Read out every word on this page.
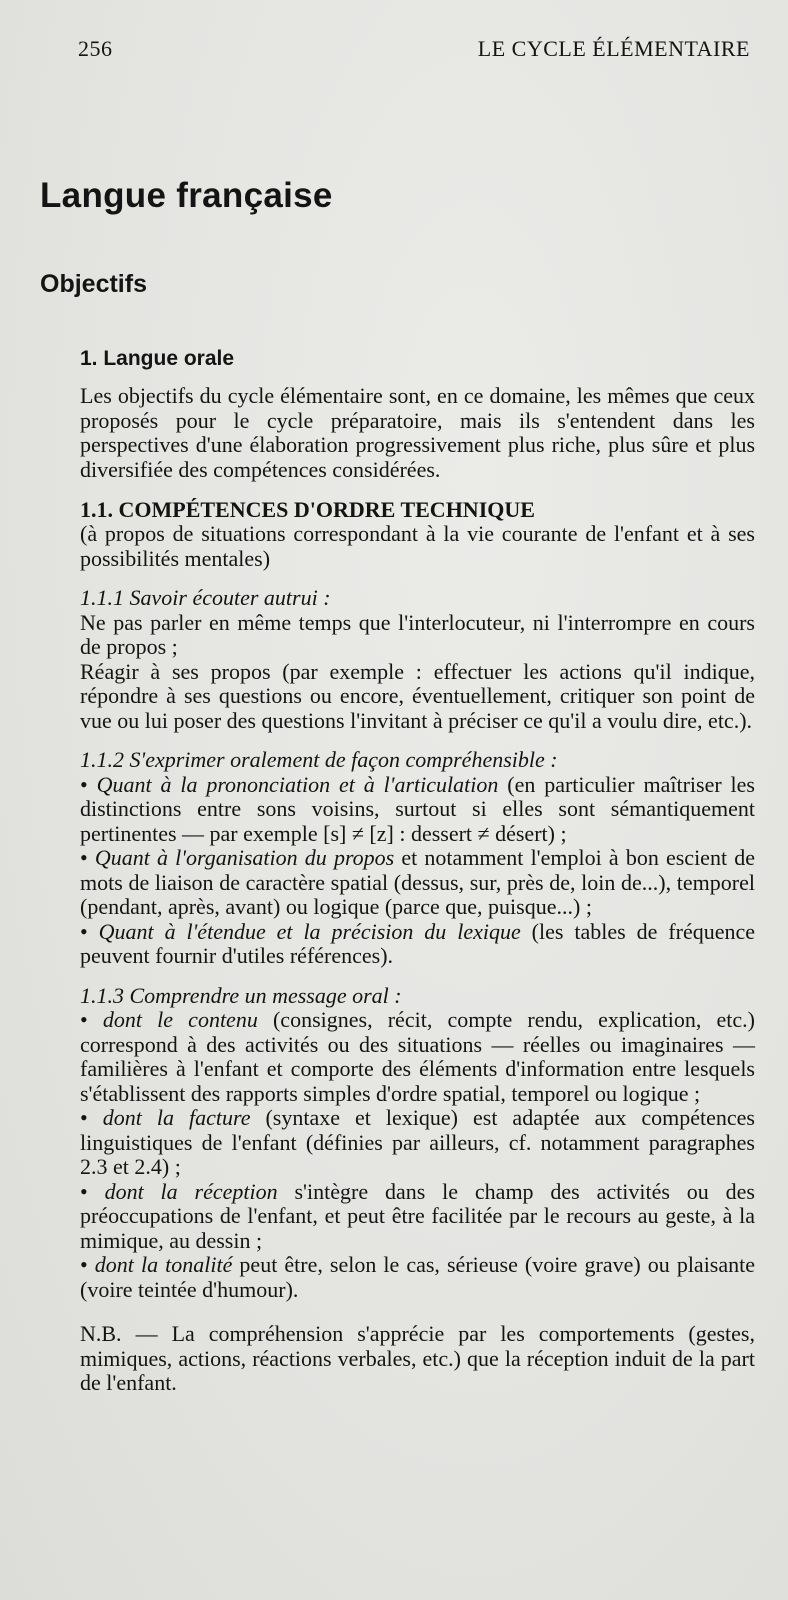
256	LE CYCLE ÉLÉMENTAIRE
Langue française
Objectifs
1. Langue orale

Les objectifs du cycle élémentaire sont, en ce domaine, les mêmes que ceux proposés pour le cycle préparatoire, mais ils s'entendent dans les perspectives d'une élaboration progressivement plus riche, plus sûre et plus diversifiée des compétences considérées.

1.1. COMPÉTENCES D'ORDRE TECHNIQUE

(à propos de situations correspondant à la vie courante de l'enfant et à ses possibilités mentales)

1.1.1 Savoir écouter autrui :

Ne pas parler en même temps que l'interlocuteur, ni l'interrompre en cours de propos ;

Réagir à ses propos (par exemple : effectuer les actions qu'il indique, répondre à ses questions ou encore, éventuellement, critiquer son point de vue ou lui poser des questions l'invitant à préciser ce qu'il a voulu dire, etc.).

1.1.2 S'exprimer oralement de façon compréhensible :

• Quant à la prononciation et à l'articulation (en particulier maîtriser les distinctions entre sons voisins, surtout si elles sont sémantiquement pertinentes — par exemple [s] ≠ [z] : dessert ≠ désert) ;

• Quant à l'organisation du propos et notamment l'emploi à bon escient de mots de liaison de caractère spatial (dessus, sur, près de, loin de...), temporel (pendant, après, avant) ou logique (parce que, puisque...) ;

• Quant à l'étendue et la précision du lexique (les tables de fréquence peuvent fournir d'utiles références).

1.1.3 Comprendre un message oral :

• dont le contenu (consignes, récit, compte rendu, explication, etc.) correspond à des activités ou des situations — réelles ou imaginaires — familières à l'enfant et comporte des éléments d'information entre lesquels s'établissent des rapports simples d'ordre spatial, temporel ou logique ;

• dont la facture (syntaxe et lexique) est adaptée aux compétences linguistiques de l'enfant (définies par ailleurs, cf. notamment paragraphes 2.3 et 2.4) ;

• dont la réception s'intègre dans le champ des activités ou des préoccupations de l'enfant, et peut être facilitée par le recours au geste, à la mimique, au dessin ;

• dont la tonalité peut être, selon le cas, sérieuse (voire grave) ou plaisante (voire teintée d'humour).

N.B. — La compréhension s'apprécie par les comportements (gestes, mimiques, actions, réactions verbales, etc.) que la réception induit de la part de l'enfant.
